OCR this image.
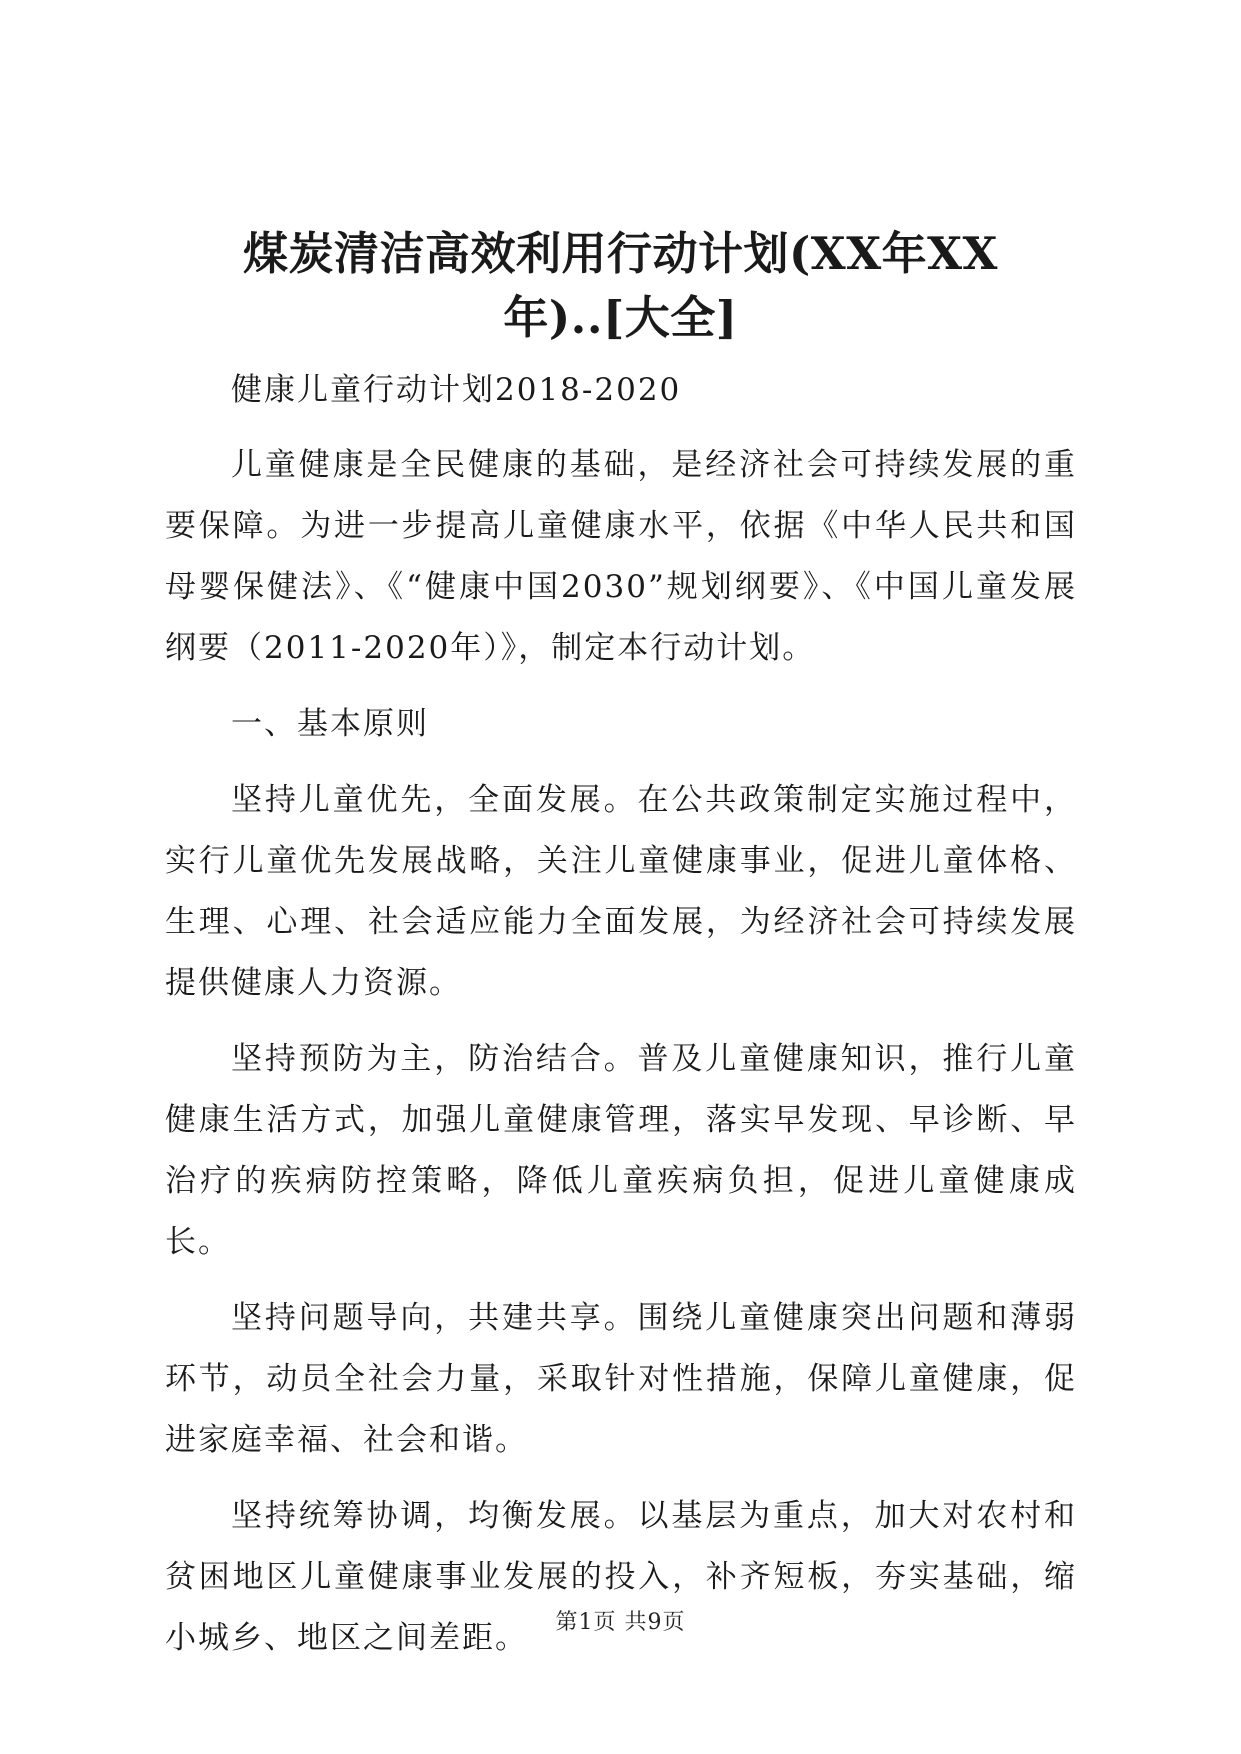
煤炭清洁高效利用行动计划(XX年XX
年)..[大全]

健康儿童行动计划2018-2020

儿童健康是全民健康的基础，是经济社会可持续发展的重要保障。为进一步提高儿童健康水平，依据《中华人民共和国母婴保健法》、《“健康中国2030”规划纲要》、《中国儿童发展纲要（2011-2020年）》，制定本行动计划。

一、基本原则

坚持儿童优先，全面发展。在公共政策制定实施过程中，实行儿童优先发展战略，关注儿童健康事业，促进儿童体格、生理、心理、社会适应能力全面发展，为经济社会可持续发展提供健康人力资源。

坚持预防为主，防治结合。普及儿童健康知识，推行儿童健康生活方式，加强儿童健康管理，落实早发现、早诊断、早治疗的疾病防控策略，降低儿童疾病负担，促进儿童健康成长。

坚持问题导向，共建共享。围绕儿童健康突出问题和薄弱环节，动员全社会力量，采取针对性措施，保障儿童健康，促进家庭幸福、社会和谐。

坚持统筹协调，均衡发展。以基层为重点，加大对农村和贫困地区儿童健康事业发展的投入，补齐短板，夯实基础，缩小城乡、地区之间差距。	第1页 共9页
